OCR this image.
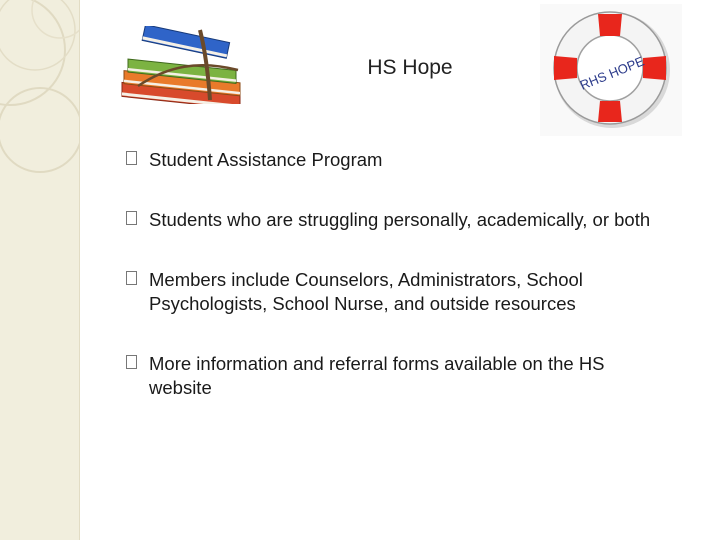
HS Hope	RHS HOPE
Student Assistance Program
Students who are struggling personally, academically, or both
Members include Counselors, Administrators, School Psychologists, School Nurse, and outside resources
More information and referral forms available on the HS website
